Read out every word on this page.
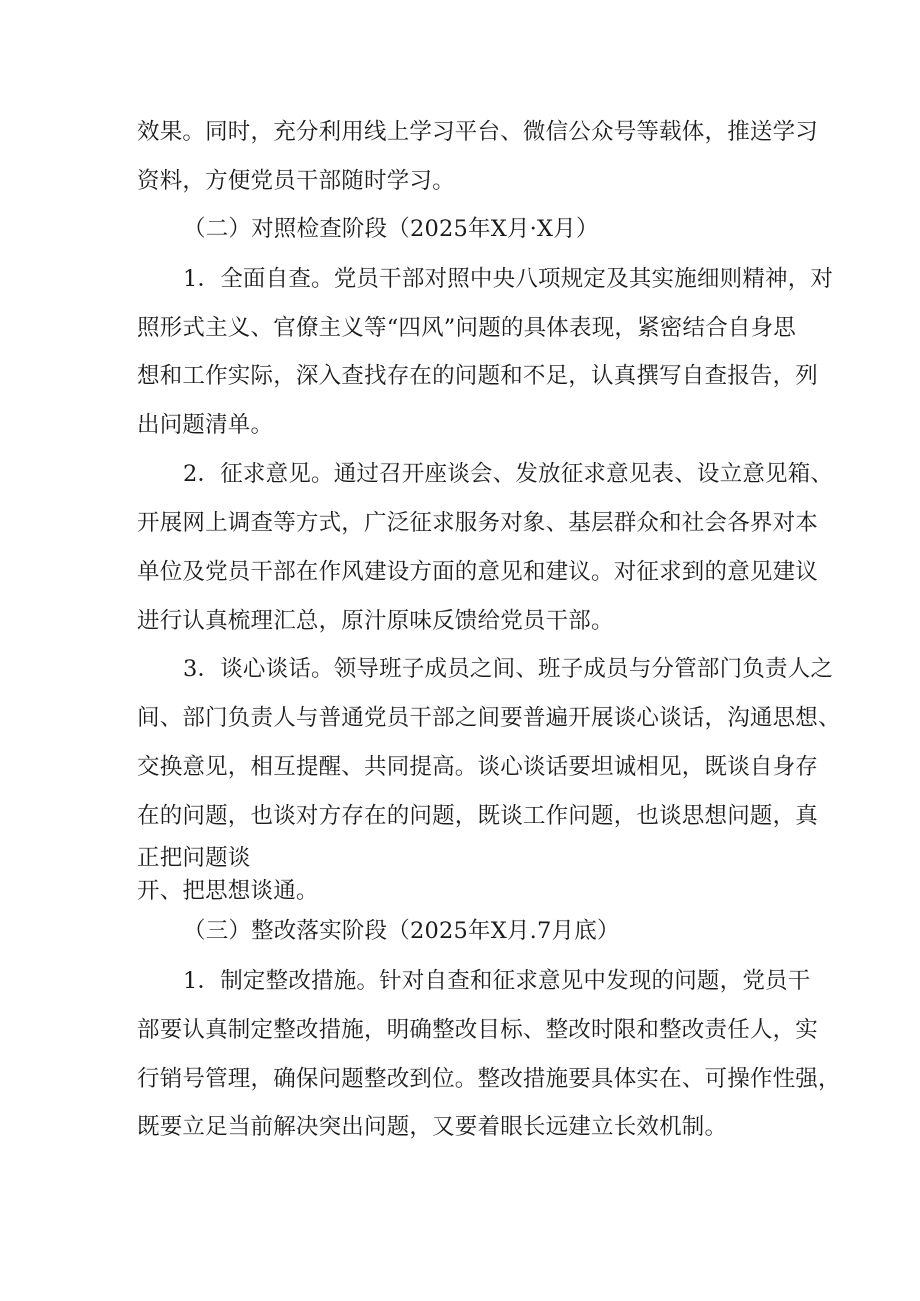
效果。同时，充分利用线上学习平台、微信公众号等载体，推送学习
资料，方便党员干部随时学习。
（二）对照检查阶段（2025年X月·X月）
1．全面自查。党员干部对照中央八项规定及其实施细则精神，对
照形式主义、官僚主义等“四风”问题的具体表现，紧密结合自身思
想和工作实际，深入查找存在的问题和不足，认真撰写自查报告，列
出问题清单。
2．征求意见。通过召开座谈会、发放征求意见表、设立意见箱、
开展网上调查等方式，广泛征求服务对象、基层群众和社会各界对本
单位及党员干部在作风建设方面的意见和建议。对征求到的意见建议
进行认真梳理汇总，原汁原味反馈给党员干部。
3．谈心谈话。领导班子成员之间、班子成员与分管部门负责人之
间、部门负责人与普通党员干部之间要普遍开展谈心谈话，沟通思想、
交换意见，相互提醒、共同提高。谈心谈话要坦诚相见，既谈自身存
在的问题，也谈对方存在的问题，既谈工作问题，也谈思想问题，真
正把问题谈
开、把思想谈通。
（三）整改落实阶段（2025年X月.7月底）
1．制定整改措施。针对自查和征求意见中发现的问题，党员干
部要认真制定整改措施，明确整改目标、整改时限和整改责任人，实
行销号管理，确保问题整改到位。整改措施要具体实在、可操作性强，
既要立足当前解决突出问题，又要着眼长远建立长效机制。
